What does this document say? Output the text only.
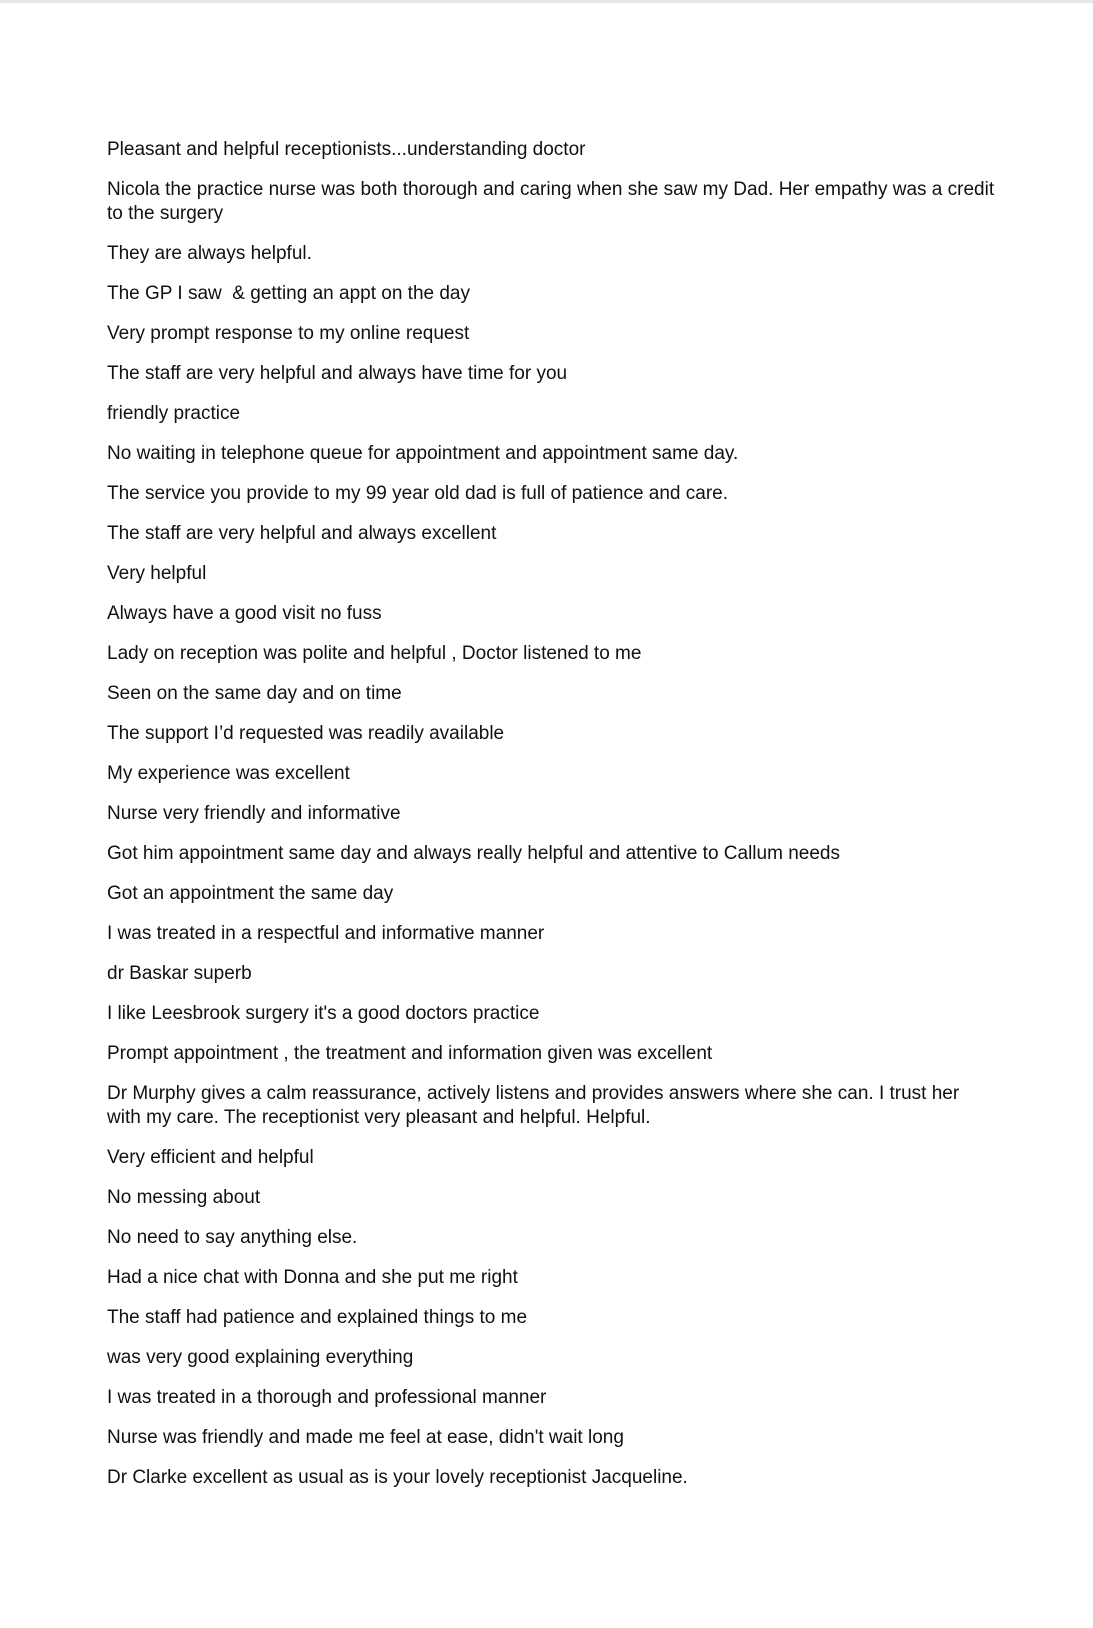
Pleasant and helpful receptionists...understanding doctor
Nicola the practice nurse was both thorough and caring when she saw my Dad. Her empathy was a credit to the surgery
They are always helpful.
The GP I saw  & getting an appt on the day
Very prompt response to my online request
The staff are very helpful and always have time for you
friendly practice
No waiting in telephone queue for appointment and appointment same day.
The service you provide to my 99 year old dad is full of patience and care.
The staff are very helpful and always excellent
Very helpful
Always have a good visit no fuss
Lady on reception was polite and helpful , Doctor listened to me
Seen on the same day and on time
The support I’d requested was readily available
My experience was excellent
Nurse very friendly and informative
Got him appointment same day and always really helpful and attentive to Callum needs
Got an appointment the same day
I was treated in a respectful and informative manner
dr Baskar superb
I like Leesbrook surgery it's a good doctors practice
Prompt appointment , the treatment and information given was excellent
Dr Murphy gives a calm reassurance, actively listens and provides answers where she can. I trust her with my care. The receptionist very pleasant and helpful. Helpful.
Very efficient and helpful
No messing about
No need to say anything else.
Had a nice chat with Donna and she put me right
The staff had patience and explained things to me
was very good explaining everything
I was treated in a thorough and professional manner
Nurse was friendly and made me feel at ease, didn't wait long
Dr Clarke excellent as usual as is your lovely receptionist Jacqueline.
